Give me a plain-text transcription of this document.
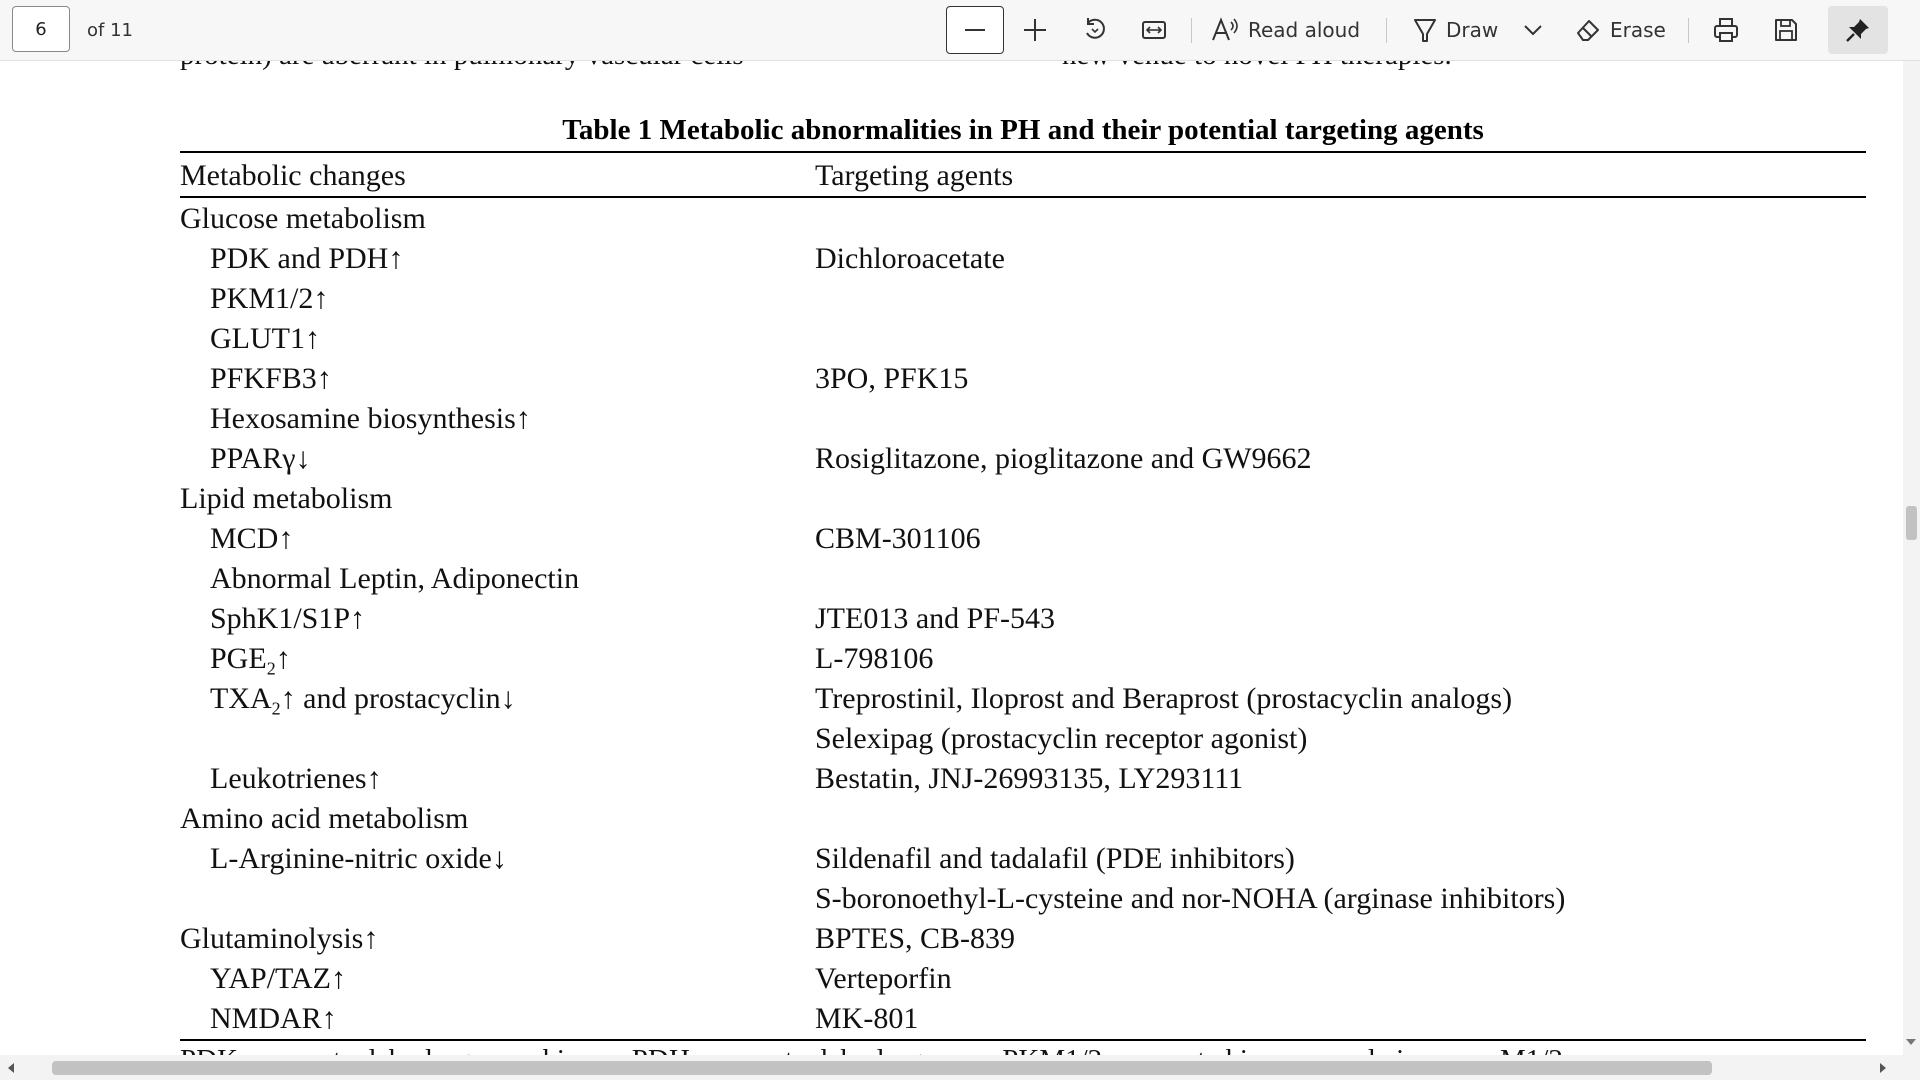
6
of 11	Read aloud	Draw	Erase
Table 1 Metabolic abnormalities in PH and their potential targeting agents
Metabolic changes	Targeting agents
Glucose metabolism
PDK and PDH↑	Dichloroacetate
PKM1/2↑
GLUT1↑
PFKFB3↑	3PO, PFK15
Hexosamine biosynthesis↑
PPARγ↓	Rosiglitazone, pioglitazone and GW9662
Lipid metabolism
MCD↑	CBM-301106
Abnormal Leptin, Adiponectin
SphK1/S1P↑	JTE013 and PF-543
$PGE_2↑$	L-798106
$TXA_2↑$ and prostacyclin↓	Treprostinil, Iloprost and Beraprost (prostacyclin analogs)
Selexipag (prostacyclin receptor agonist)
Leukotrienes↑	Bestatin, JNJ-26993135, LY293111
Amino acid metabolism
L-Arginine-nitric oxide↓	Sildenafil and tadalafil (PDE inhibitors)
S-boronoethyl-L-cysteine and nor-NOHA (arginase inhibitors)
Glutaminolysis↑	BPTES, CB-839
YAP/TAZ↑	Verteporfin
NMDAR↑	MK-801
